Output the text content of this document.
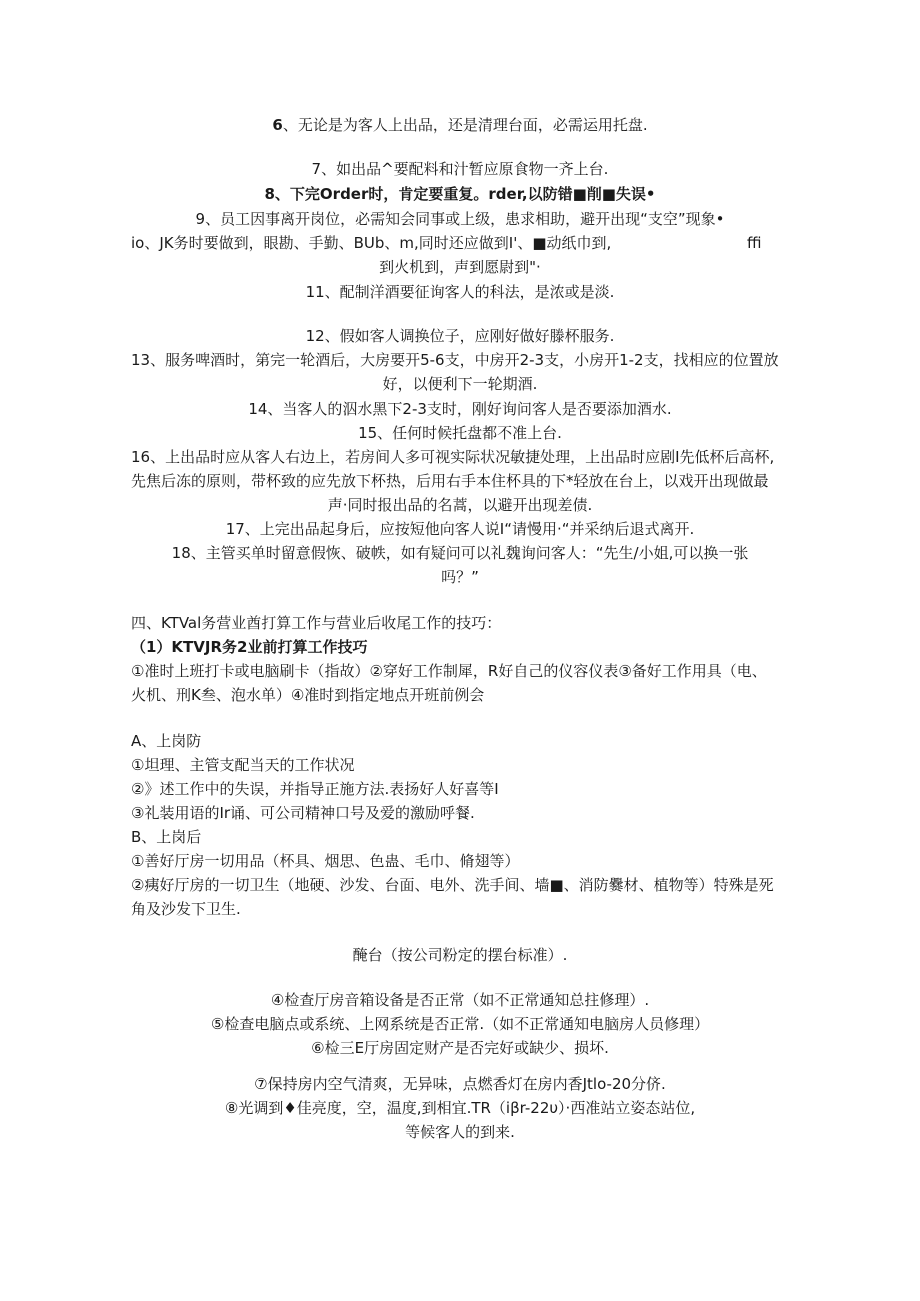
6、无论是为客人上出品，还是清理台面，必需运用托盘.
7、如出品^要配料和汁暂应原食物一齐上台.
8、下完Order时，肯定要重复。rder,以防错■削■失误•
9、员工因事离开岗位，必需知会同事或上级，患求相助，避开出现“支空”现象•
io、JK务时要做到，眼勘、手勤、BUb、m,同时还应做到I'、■动纸巾到,	ffi
到火机到，声到愿尉到"·
11、配制洋酒要征询客人的科法，是浓或是淡.
12、假如客人调换位子，应刚好做好滕杯服务.
13、服务啤酒时，第完一轮酒后，大房要开5-6支，中房开2-3支，小房开1-2支，找相应的位置放
好，以便利下一轮期酒.
14、当客人的泅水黑下2-3支时，刚好询问客人是否要添加酒水.
15、任何时候托盘都不准上台.
16、上出品时应从客人右边上，若房间人多可视实际状况敏捷处理，上出品时应剧I先低杯后高杯,
先焦后冻的原则，带杯致的应先放下杯热，后用右手本住杯具的下*轻放在台上，以戏开出现做最
声·同时报出品的名蒿，以避开出现差债.
17、上完出品起身后，应按短他向客人说I“请慢用·“并采纳后退式离开.
18、主管买单时留意假恢、破帙，如有疑问可以礼魏询问客人：“先生/小姐,可以换一张
吗？”
四、KTVal务营业酋打算工作与营业后收尾工作的技巧：
（1）KTVJR务2业前打算工作技巧
①准时上班打卡或电脑刷卡（指故）②穿好工作制犀，R好自己的仪容仪表③备好工作用具（电、
火机、刑K叁、泡水单）④准时到指定地点开班前例会
A、上岗防
①坦理、主管支配当天的工作状况
②》述工作中的失误，并指导正施方法.表扬好人好喜等I
③礼装用语的Ir诵、可公司精神口号及爱的激励呼餐.
B、上岗后
①善好厅房一切用品（杯具、烟思、色蛊、毛巾、脩翅等）
②痍好厅房的一切卫生（地硬、沙发、台面、电外、洗手间、墙■、消防爨材、植物等）特殊是死
角及沙发下卫生.
醃台（按公司粉定的摆台标准）.
④检查厅房音箱设备是否正常（如不正常通知总拄修理）.
⑤检查电脑点或系统、上网系统是否正常.（如不正常通知电脑房人员修理）
⑥检三E厅房固定财产是否完好或缺少、损坏.
⑦保持房内空气清爽，无异味，点燃香灯在房内香Jtlo-20分侪.
⑧光调到♦佳亮度，空，温度,到相宜.TR（iβr-22υ）·西准站立姿态站位,
等候客人的到来.
